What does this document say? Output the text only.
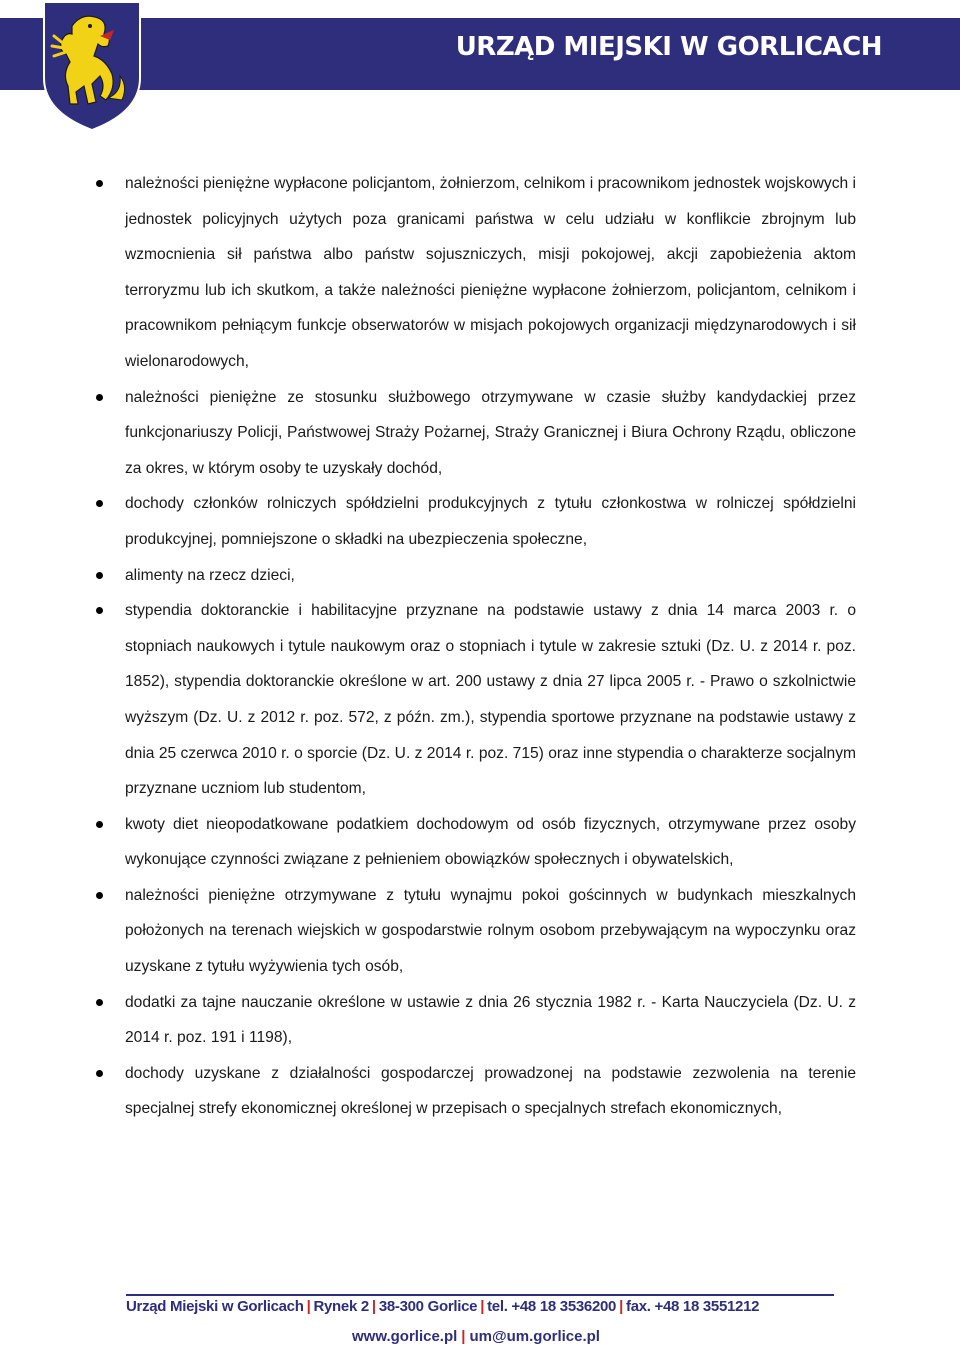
URZĄD MIEJSKI W GORLICACH
należności pieniężne wypłacone policjantom, żołnierzom, celnikom i pracownikom jednostek wojskowych i jednostek policyjnych użytych poza granicami państwa w celu udziału w konflikcie zbrojnym lub wzmocnienia sił państwa albo państw sojuszniczych, misji pokojowej, akcji zapobieżenia aktom terroryzmu lub ich skutkom, a także należności pieniężne wypłacone żołnierzom, policjantom, celnikom i pracownikom pełniącym funkcje obserwatorów w misjach pokojowych organizacji międzynarodowych i sił wielonarodowych,
należności pieniężne ze stosunku służbowego otrzymywane w czasie służby kandydackiej przez funkcjonariuszy Policji, Państwowej Straży Pożarnej, Straży Granicznej i Biura Ochrony Rządu, obliczone za okres, w którym osoby te uzyskały dochód,
dochody członków rolniczych spółdzielni produkcyjnych z tytułu członkostwa w rolniczej spółdzielni produkcyjnej, pomniejszone o składki na ubezpieczenia społeczne,
alimenty na rzecz dzieci,
stypendia doktoranckie i habilitacyjne przyznane na podstawie ustawy z dnia 14 marca 2003 r. o stopniach naukowych i tytule naukowym oraz o stopniach i tytule w zakresie sztuki (Dz. U. z 2014 r. poz. 1852), stypendia doktoranckie określone w art. 200 ustawy z dnia 27 lipca 2005 r. - Prawo o szkolnictwie wyższym (Dz. U. z 2012 r. poz. 572, z późn. zm.), stypendia sportowe przyznane na podstawie ustawy z dnia 25 czerwca 2010 r. o sporcie (Dz. U. z 2014 r. poz. 715) oraz inne stypendia o charakterze socjalnym przyznane uczniom lub studentom,
kwoty diet nieopodatkowane podatkiem dochodowym od osób fizycznych, otrzymywane przez osoby wykonujące czynności związane z pełnieniem obowiązków społecznych i obywatelskich,
należności pieniężne otrzymywane z tytułu wynajmu pokoi gościnnych w budynkach mieszkalnych położonych na terenach wiejskich w gospodarstwie rolnym osobom przebywającym na wypoczynku oraz uzyskane z tytułu wyżywienia tych osób,
dodatki za tajne nauczanie określone w ustawie z dnia 26 stycznia 1982 r. - Karta Nauczyciela (Dz. U. z 2014 r. poz. 191 i 1198),
dochody uzyskane z działalności gospodarczej prowadzonej na podstawie zezwolenia na terenie specjalnej strefy ekonomicznej określonej w przepisach o specjalnych strefach ekonomicznych,
Urząd Miejski w Gorlicach | Rynek 2 | 38-300 Gorlice | tel. +48 18 3536200 | fax. +48 18 3551212
www.gorlice.pl | um@um.gorlice.pl
